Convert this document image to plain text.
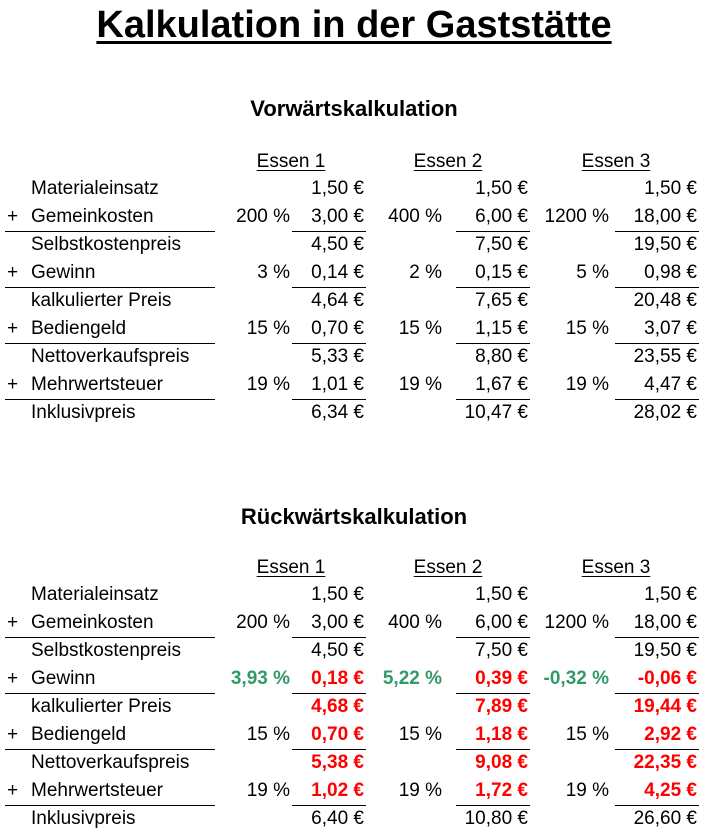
Kalkulation in der Gaststätte
Vorwärtskalkulation
Essen 1	Essen 2	Essen 3
Materialeinsatz	1,50 €	1,50 €	1,50 €
+ Gemeinkosten	200 %	3,00 €	400 %	6,00 € 1200 %	18,00 €
Selbstkostenpreis	4,50 €	7,50 €	19,50 €
+ Gewinn	3 %	0,14 €	2 %	0,15 €	5 %	0,98 €
kalkulierter Preis	4,64 €	7,65 €	20,48 €
+ Bediengeld	15 %	0,70 €	15 %	1,15 €	15 %	3,07 €
Nettoverkaufspreis	5,33 €	8,80 €	23,55 €
+ Mehrwertsteuer	19 %	1,01 €	19 %	1,67 €	19 %	4,47 €
Inklusivpreis	6,34 €	10,47 €	28,02 €
Rückwärtskalkulation
Essen 1	Essen 2	Essen 3
Materialeinsatz	1,50 €	1,50 €	1,50 €
+ Gemeinkosten	200 %	3,00 €	400 %	6,00 € 1200 %	18,00 €
Selbstkostenpreis	4,50 €	7,50 €	19,50 €
+ Gewinn	3,93 %	0,18 € 5,22 %	0,39 € -0,32 %	-0,06 €
kalkulierter Preis	4,68 €	7,89 €	19,44 €
+ Bediengeld	15 %	0,70 €	15 %	1,18 €	15 %	2,92 €
Nettoverkaufspreis	5,38 €	9,08 €	22,35 €
+ Mehrwertsteuer	19 %	1,02 €	19 %	1,72 €	19 %	4,25 €
Inklusivpreis	6,40 €	10,80 €	26,60 €
